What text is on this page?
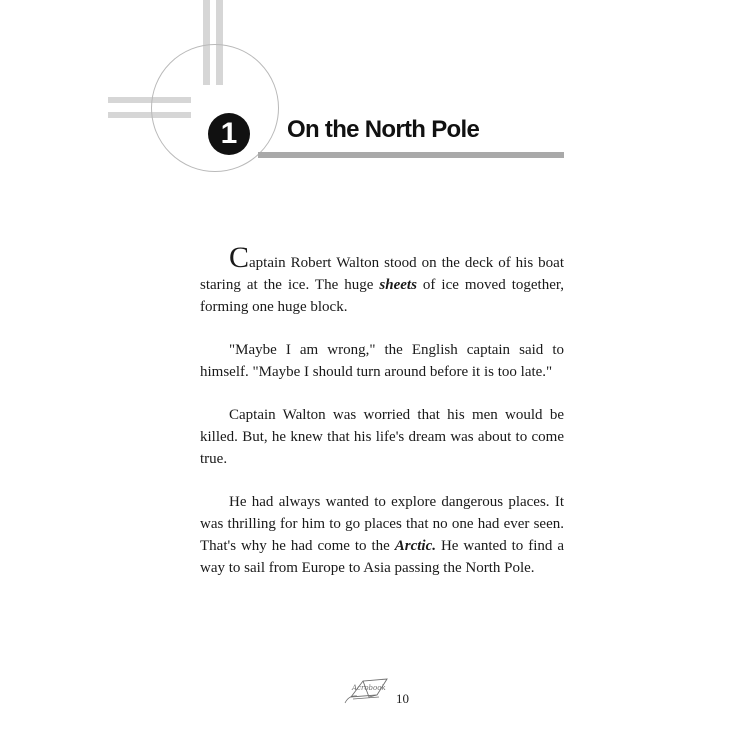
1	On the North Pole

Captain Robert Walton stood on the deck of his boat staring at the ice. The huge sheets of ice moved together, forming one huge block.

"Maybe I am wrong," the English captain said to himself. "Maybe I should turn around before it is too late."

Captain Walton was worried that his men would be killed. But, he knew that his life's dream was about to come true.

He had always wanted to explore dangerous places. It was thrilling for him to go places that no one had ever seen. That's why he had come to the Arctic. He wanted to find a way to sail from Europe to Asia passing the North Pole.

Acrobook
10
